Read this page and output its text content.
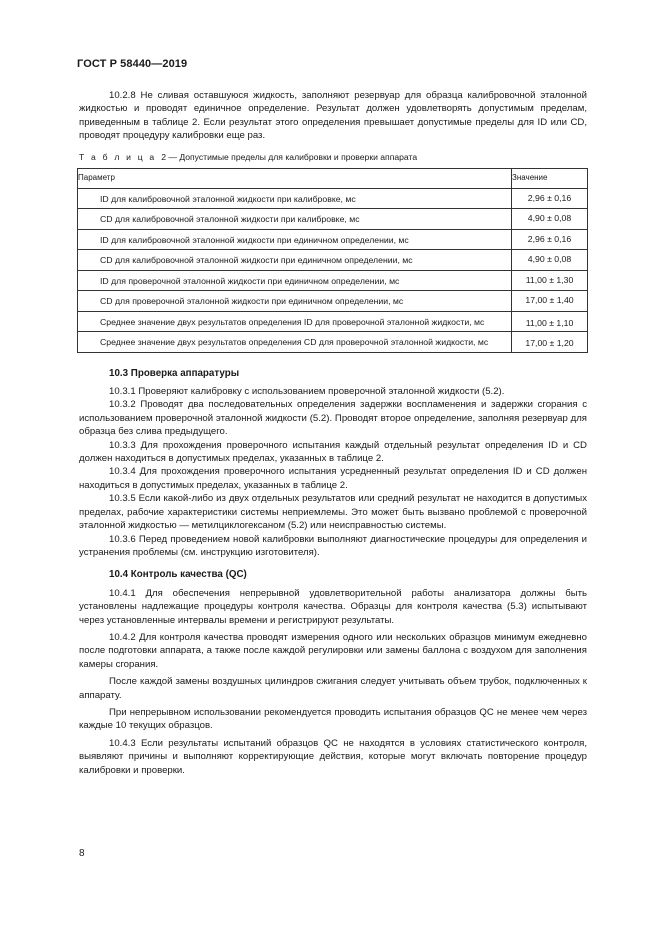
ГОСТ Р 58440—2019

10.2.8 Не сливая оставшуюся жидкость, заполняют резервуар для образца калибровочной эталонной жидкостью и проводят единичное определение. Результат должен удовлетворять допустимым пределам, приведенным в таблице 2. Если результат этого определения превышает допустимые пределы для ID или CD, проводят процедуру калибровки еще раз.

Т а б л и ц а 2 — Допустимые пределы для калибровки и проверки аппарата
Параметр	Значение

ID для калибровочной эталонной жидкости при калибровке, мс	2,96 ± 0,16

CD для калибровочной эталонной жидкости при калибровке, мс	4,90 ± 0,08

ID для калибровочной эталонной жидкости при единичном определении, мс	2,96 ± 0,16

CD для калибровочной эталонной жидкости при единичном определении, мс	4,90 ± 0,08

ID для проверочной эталонной жидкости при единичном определении, мс	11,00 ± 1,30

CD для проверочной эталонной жидкости при единичном определении, мс	17,00 ± 1,40

Среднее значение двух результатов определения ID для проверочной эталонной жидкости, мс	11,00 ± 1,10

Среднее значение двух результатов определения CD для проверочной эталонной жидкости, мс	17,00 ± 1,20
10.3 Проверка аппаратуры

10.3.1 Проверяют калибровку с использованием проверочной эталонной жидкости (5.2).

10.3.2 Проводят два последовательных определения задержки воспламенения и задержки сгорания с использованием проверочной эталонной жидкости (5.2). Проводят второе определение, заполняя резервуар для образца без слива предыдущего.

10.3.3 Для прохождения проверочного испытания каждый отдельный результат определения ID и CD должен находиться в допустимых пределах, указанных в таблице 2.

10.3.4 Для прохождения проверочного испытания усредненный результат определения ID и CD должен находиться в допустимых пределах, указанных в таблице 2.

10.3.5 Если какой-либо из двух отдельных результатов или средний результат не находится в допустимых пределах, рабочие характеристики системы неприемлемы. Это может быть вызвано проблемой с проверочной эталонной жидкостью — метилциклогексаном (5.2) или неисправностью системы.

10.3.6 Перед проведением новой калибровки выполняют диагностические процедуры для определения и устранения проблемы (см. инструкцию изготовителя).

10.4 Контроль качества (QC)

10.4.1 Для обеспечения непрерывной удовлетворительной работы анализатора должны быть установлены надлежащие процедуры контроля качества. Образцы для контроля качества (5.3) испытывают через установленные интервалы времени и регистрируют результаты.

10.4.2 Для контроля качества проводят измерения одного или нескольких образцов минимум ежедневно после подготовки аппарата, а также после каждой регулировки или замены баллона с воздухом для заполнения камеры сгорания.

После каждой замены воздушных цилиндров сжигания следует учитывать объем трубок, подключенных к аппарату.

При непрерывном использовании рекомендуется проводить испытания образцов QC не менее чем через каждые 10 текущих образцов.

10.4.3 Если результаты испытаний образцов QC не находятся в условиях статистического контроля, выявляют причины и выполняют корректирующие действия, которые могут включать повторение процедур калибровки и проверки.

8
